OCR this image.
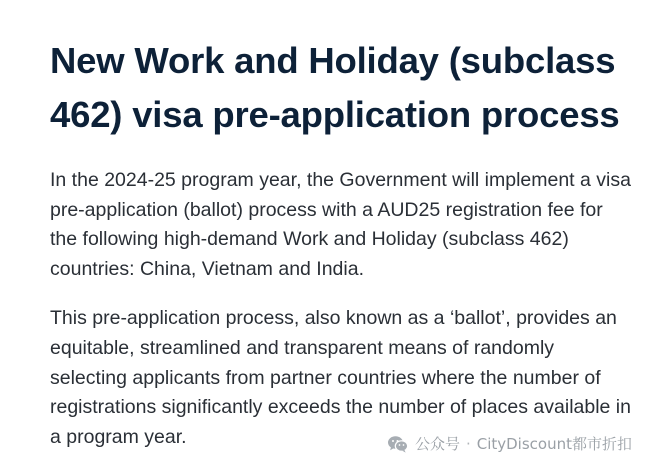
New Work and Holiday (subclass 462) visa pre-application process

In the 2024-25 program year, the Government will implement a visa pre-application (ballot) process with a AUD25 registration fee for the following high-demand Work and Holiday (subclass 462) countries: China, Vietnam and India.

This pre-application process, also known as a ‘ballot’, provides an equitable, streamlined and transparent means of randomly selecting applicants from partner countries where the number of registrations significantly exceeds the number of places available in a program year.	公众号 · CityDiscount都市折扣
